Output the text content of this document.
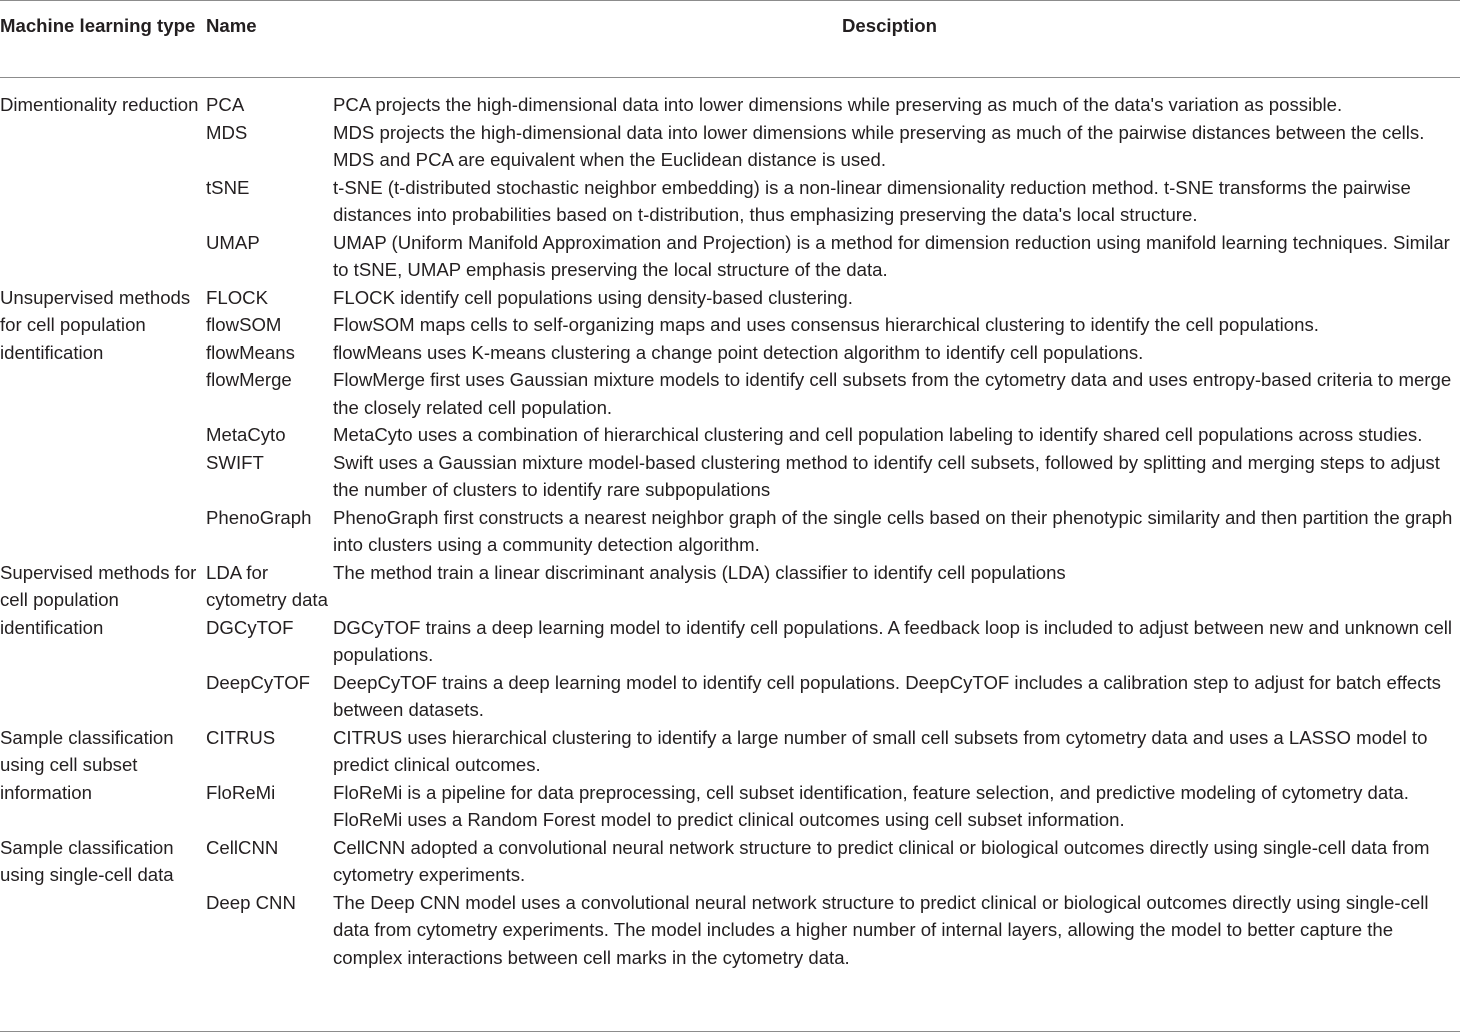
Machine learning type	Name	Desciption
Dimentionality reduction	PCA	PCA projects the high-dimensional data into lower dimensions while preserving as much of the data's variation as possible.
	MDS	MDS projects the high-dimensional data into lower dimensions while preserving as much of the pairwise distances between the cells. MDS and PCA are equivalent when the Euclidean distance is used.
	tSNE	t-SNE (t-distributed stochastic neighbor embedding) is a non-linear dimensionality reduction method. t-SNE transforms the pairwise distances into probabilities based on t-distribution, thus emphasizing preserving the data's local structure.
	UMAP	UMAP (Uniform Manifold Approximation and Projection) is a method for dimension reduction using manifold learning techniques. Similar to tSNE, UMAP emphasis preserving the local structure of the data.
Unsupervised methods for cell population identification	FLOCK	FLOCK identify cell populations using density-based clustering.
	flowSOM	FlowSOM maps cells to self-organizing maps and uses consensus hierarchical clustering to identify the cell populations.
	flowMeans	flowMeans uses K-means clustering a change point detection algorithm to identify cell populations.
	flowMerge	FlowMerge first uses Gaussian mixture models to identify cell subsets from the cytometry data and uses entropy-based criteria to merge the closely related cell population.
	MetaCyto	MetaCyto uses a combination of hierarchical clustering and cell population labeling to identify shared cell populations across studies.
	SWIFT	Swift uses a Gaussian mixture model-based clustering method to identify cell subsets, followed by splitting and merging steps to adjust the number of clusters to identify rare subpopulations
	PhenoGraph	PhenoGraph first constructs a nearest neighbor graph of the single cells based on their phenotypic similarity and then partition the graph into clusters using a community detection algorithm.
Supervised methods for cell population identification	LDA for cytometry data	The method train a linear discriminant analysis (LDA) classifier to identify cell populations
	DGCyTOF	DGCyTOF trains a deep learning model to identify cell populations. A feedback loop is included to adjust between new and unknown cell populations.
	DeepCyTOF	DeepCyTOF trains a deep learning model to identify cell populations. DeepCyTOF includes a calibration step to adjust for batch effects between datasets.
Sample classification using cell subset information	CITRUS	CITRUS uses hierarchical clustering to identify a large number of small cell subsets from cytometry data and uses a LASSO model to predict clinical outcomes.
	FloReMi	FloReMi is a pipeline for data preprocessing, cell subset identification, feature selection, and predictive modeling of cytometry data. FloReMi uses a Random Forest model to predict clinical outcomes using cell subset information.
Sample classification using single-cell data	CellCNN	CellCNN adopted a convolutional neural network structure to predict clinical or biological outcomes directly using single-cell data from cytometry experiments.
	Deep CNN	The Deep CNN model uses a convolutional neural network structure to predict clinical or biological outcomes directly using single-cell data from cytometry experiments. The model includes a higher number of internal layers, allowing the model to better capture the complex interactions between cell marks in the cytometry data.
